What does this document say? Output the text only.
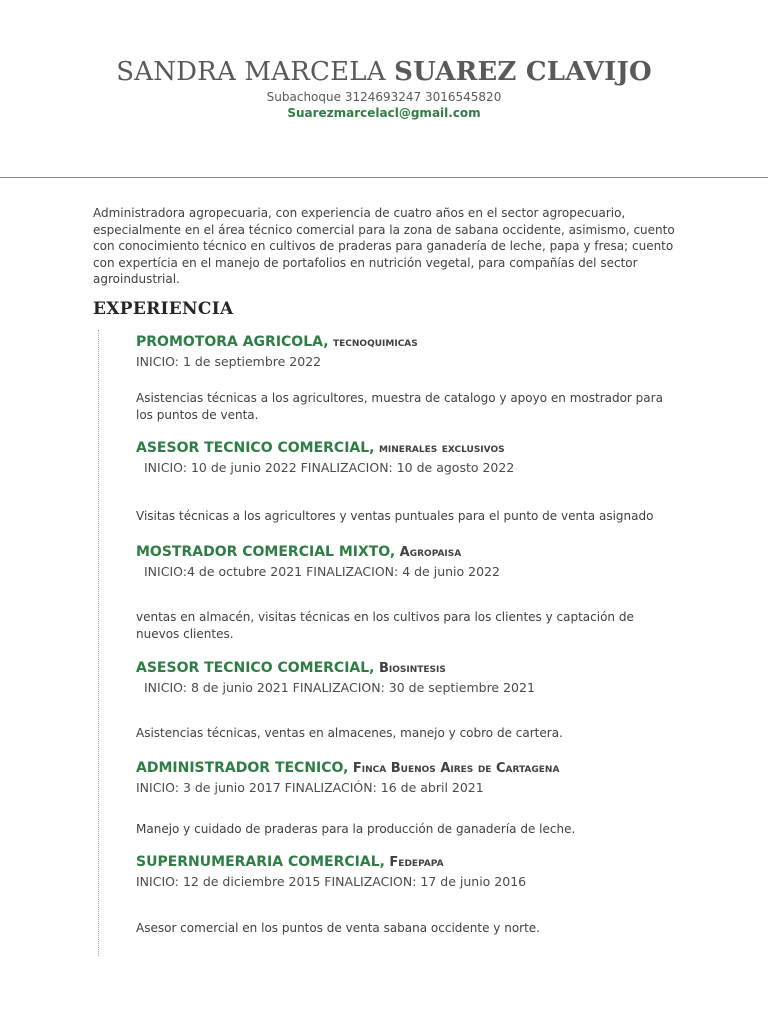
SANDRA MARCELA SUAREZ CLAVIJO
Subachoque 3124693247 3016545820
Suarezmarcelacl@gmail.com
Administradora agropecuaria, con experiencia de cuatro años en el sector agropecuario, especialmente en el área técnico comercial para la zona de sabana occidente, asimismo, cuento con conocimiento técnico en cultivos de praderas para ganadería de leche, papa y fresa; cuento con expertícia en el manejo de portafolios en nutrición vegetal, para compañías del sector agroindustrial.
EXPERIENCIA
PROMOTORA AGRICOLA, tecnoquimicas
INICIO: 1 de septiembre 2022
Asistencias técnicas a los agricultores, muestra de catalogo y apoyo en mostrador para los puntos de venta.
ASESOR TECNICO COMERCIAL, minerales exclusivos
INICIO: 10 de junio 2022 FINALIZACION: 10 de agosto 2022
Visitas técnicas a los agricultores y ventas puntuales para el punto de venta asignado
MOSTRADOR COMERCIAL MIXTO, Agropaisa
INICIO:4 de octubre 2021 FINALIZACION: 4 de junio 2022
ventas en almacén, visitas técnicas en los cultivos para los clientes y captación de nuevos clientes.
ASESOR TECNICO COMERCIAL, Biosintesis
INICIO: 8 de junio 2021 FINALIZACION: 30 de septiembre 2021
Asistencias técnicas, ventas en almacenes, manejo y cobro de cartera.
ADMINISTRADOR TECNICO, Finca Buenos Aires de Cartagena
INICIO: 3 de junio 2017 FINALIZACIÓN: 16 de abril 2021
Manejo y cuidado de praderas para la producción de ganadería de leche.
SUPERNUMERARIA COMERCIAL, Fedepapa
INICIO: 12 de diciembre 2015 FINALIZACION: 17 de junio 2016
Asesor comercial en los puntos de venta sabana occidente y norte.
